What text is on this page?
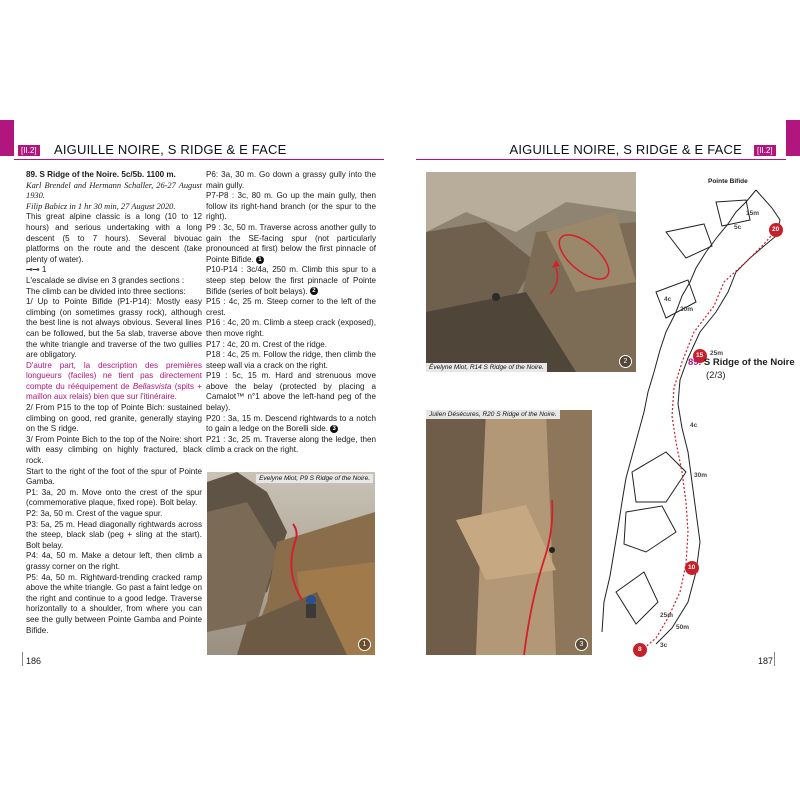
[II.2]	[II.2]
AIGUILLE NOIRE, S RIDGE & E FACE	AIGUILLE NOIRE, S RIDGE & E FACE

89. S Ridge of the Noire. 5c/5b. 1100 m.

Karl Brendel and Hermann Schaller, 26-27 August 1930.

Filip Babicz in 1 hr 30 min, 27 August 2020.

This great alpine classic is a long (10 to 12 hours) and serious undertaking with a long descent (5 to 7 hours). Several bivouac platforms on the route and the descent (take plenty of water).

⊸⊸ 1

L'escalade se divise en 3 grandes sections :

The climb can be divided into three sections:

1/ Up to Pointe Bifide (P1-P14): Mostly easy climbing (on sometimes grassy rock), although the best line is not always obvious. Several lines can be followed, but the 5a slab, traverse above the white triangle and traverse of the two gullies are obligatory.

D'autre part, la description des premières longueurs (faciles) ne tient pas directement compte du rééquipement de Bellasvista (spits + maillon aux relais) bien que sur l'itinéraire.

2/ From P15 to the top of Pointe Bich: sustained climbing on good, red granite, generally staying on the S ridge.

3/ From Pointe Bich to the top of the Noire: short with easy climbing on highly fractured, black rock.

Start to the right of the foot of the spur of Pointe Gamba.

P1: 3a, 20 m. Move onto the crest of the spur (commemorative plaque, fixed rope). Bolt belay.

P2: 3a, 50 m. Crest of the vague spur.

P3: 5a, 25 m. Head diagonally rightwards across the steep, black slab (peg + sling at the start). Bolt belay.

P4: 4a, 50 m. Make a detour left, then climb a grassy corner on the right.

P5: 4a, 50 m. Rightward-trending cracked ramp above the white triangle. Go past a faint ledge on the right and continue to a good ledge. Traverse horizontally to a shoulder, from where you can see the gully between Pointe Gamba and Pointe Bifide.

P6: 3a, 30 m. Go down a grassy gully into the main gully.

P7-P8 : 3c, 80 m. Go up the main gully, then follow its right-hand branch (or the spur to the right).

P9 : 3c, 50 m. Traverse across another gully to gain the SE-facing spur (not particularly pronounced at first) below the first pinnacle of Pointe Bifide. 1

P10-P14 : 3c/4a, 250 m. Climb this spur to a steep step below the first pinnacle of Pointe Bifide (series of bolt belays). 2

P15 : 4c, 25 m. Steep corner to the left of the crest.

P16 : 4c, 20 m. Climb a steep crack (exposed), then move right.

P17 : 4c, 20 m. Crest of the ridge.

P18 : 4c, 25 m. Follow the ridge, then climb the steep wall via a crack on the right.

P19 : 5c, 15 m. Hard and strenuous move above the belay (protected by placing a Camalot™ n°1 above the left-hand peg of the belay).

P20 : 3a, 15 m. Descend rightwards to a notch to gain a ledge on the Borelli side. 3

P21 : 3c, 25 m. Traverse along the ledge, then climb a crack on the right.

Evelyne Miot, P9 S Ridge of the Noire.
1
Évelyne Miot, R14 S Ridge of the Noire.
2
Julien Désécures, R20 S Ridge of the Noire.
3
Pointe Bifide
20
15
10
8
15m
5c
25m
4c
20m
3c
25m
50m
4c
30m
89. S Ridge of the Noire
(2/3)
186	187
